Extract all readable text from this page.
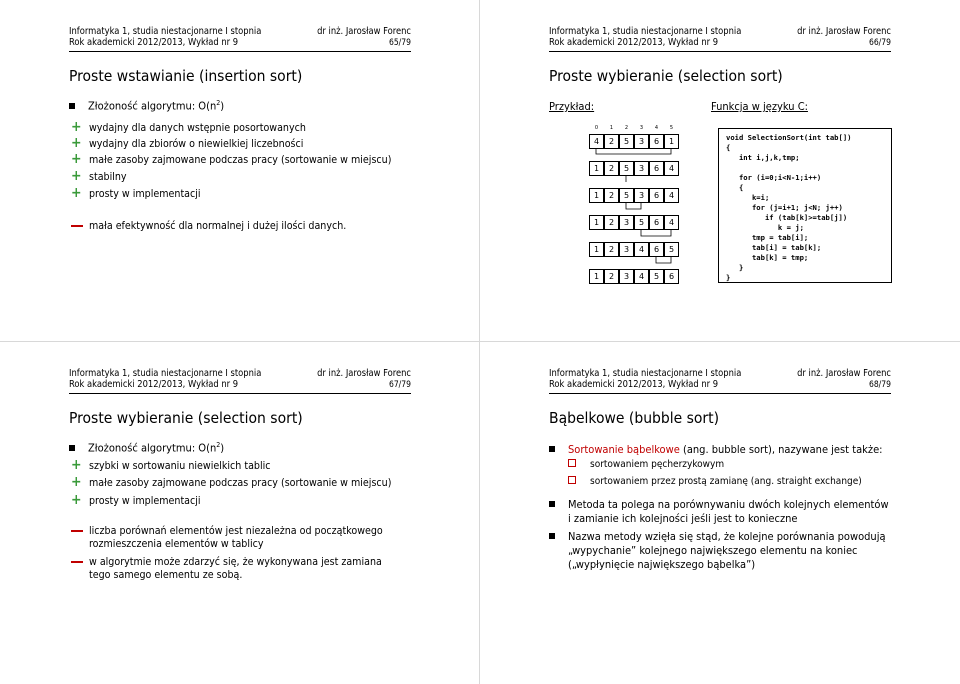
Informatyka 1, studia niestacjonarne I stopnia
Rok akademicki 2012/2013, Wykład nr 9
dr inż. Jarosław Forenc
65/79
Proste wstawianie (insertion sort)
Złożoność algorytmu: $O(n^2)$
+ wydajny dla danych wstępnie posortowanych
+ wydajny dla zbiorów o niewielkiej liczebności
+ małe zasoby zajmowane podczas pracy (sortowanie w miejscu)
+ stabilny
+ prosty w implementacji
mała efektywność dla normalnej i dużej ilości danych.
Informatyka 1, studia niestacjonarne I stopnia
Rok akademicki 2012/2013, Wykład nr 9
dr inż. Jarosław Forenc
66/79
Proste wybieranie (selection sort)
Przykład:	Funkcja w języku C:
0	1	2	3	4	5
4	2	5	3	6	1
1	2	5	3	6	4
1	2	5	3	6	4
1	2	3	5	6	4
1	2	3	4	6	5
1	2	3	4	5	6
void SelectionSort(int tab[])
{
int i,j,k,tmp;

for (i=0;i<N-1;i++)
{
k=i;
for (j=i+1; j<N; j++)
if (tab[k]>=tab[j])
k = j;
tmp = tab[i];
tab[i] = tab[k];
tab[k] = tmp;
}
}
Informatyka 1, studia niestacjonarne I stopnia
Rok akademicki 2012/2013, Wykład nr 9
dr inż. Jarosław Forenc
67/79
Proste wybieranie (selection sort)
Złożoność algorytmu: $O(n^2)$
+ szybki w sortowaniu niewielkich tablic
+ małe zasoby zajmowane podczas pracy (sortowanie w miejscu)
+ prosty w implementacji
liczba porównań elementów jest niezależna od początkowego
rozmieszczenia elementów w tablicy
w algorytmie może zdarzyć się, że wykonywana jest zamiana
tego samego elementu ze sobą.
Informatyka 1, studia niestacjonarne I stopnia
Rok akademicki 2012/2013, Wykład nr 9
dr inż. Jarosław Forenc
68/79
Bąbelkowe (bubble sort)
Sortowanie bąbelkowe (ang. bubble sort), nazywane jest także:
sortowaniem pęcherzykowym
sortowaniem przez prostą zamianę (ang. straight exchange)
Metoda ta polega na porównywaniu dwóch kolejnych elementów
i zamianie ich kolejności jeśli jest to konieczne
Nazwa metody wzięła się stąd, że kolejne porównania powodują
„wypychanie” kolejnego największego elementu na koniec
(„wypłynięcie największego bąbelka”)
